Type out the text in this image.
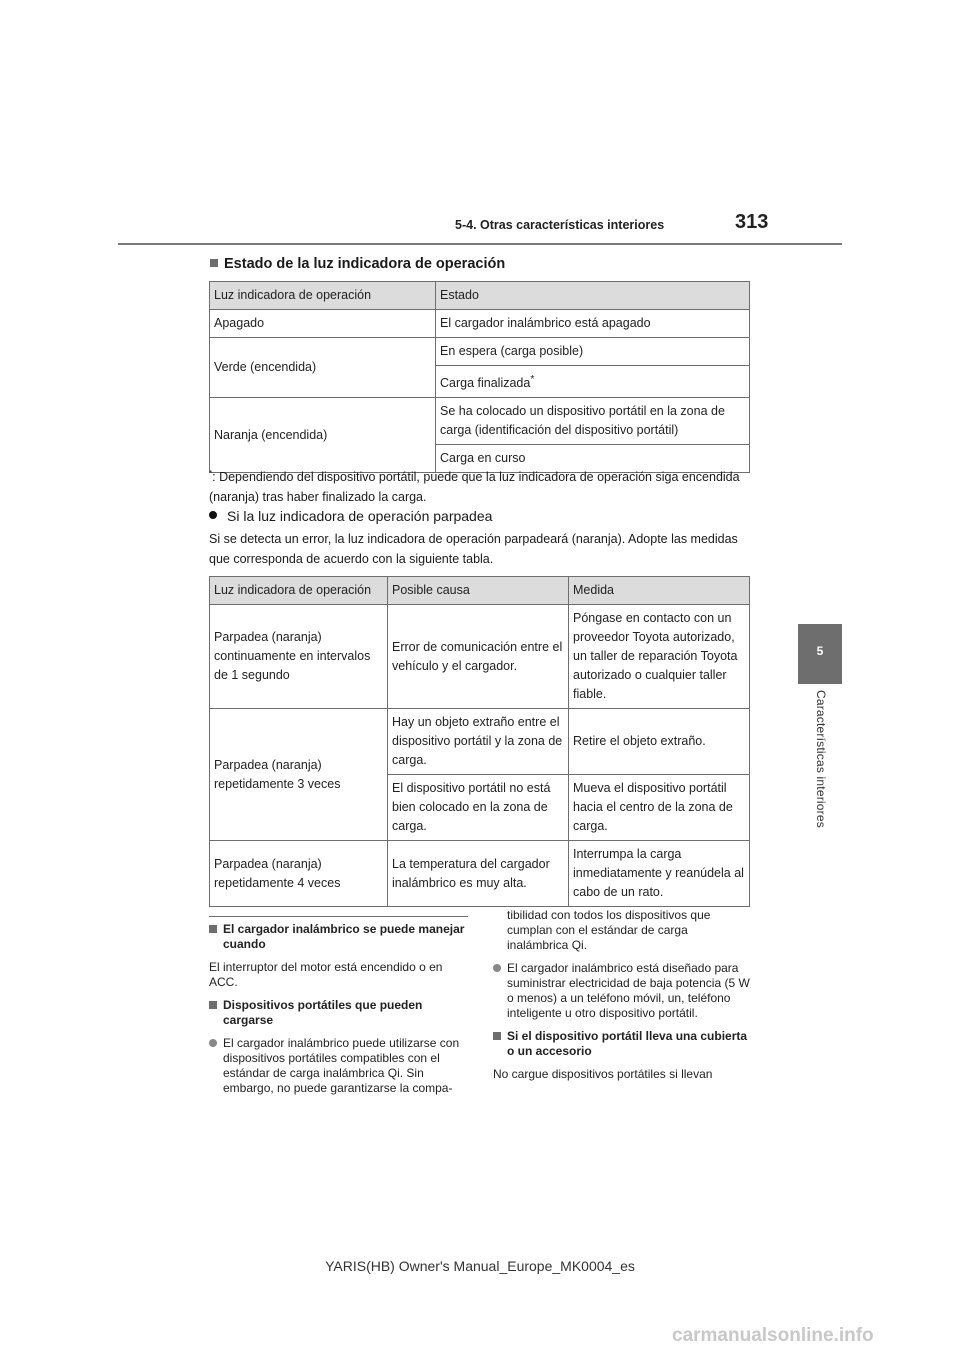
5-4. Otras características interiores	313
5
Características interiores
Estado de la luz indicadora de operación
Luz indicadora de operación	Estado
Apagado	El cargador inalámbrico está apagado
Verde (encendida)	En espera (carga posible)
	Carga finalizada*
Naranja (encendida)	Se ha colocado un dispositivo portátil en la zona de carga (identificación del dispositivo portátil)
	Carga en curso
*: Dependiendo del dispositivo portátil, puede que la luz indicadora de operación siga encendida (naranja) tras haber finalizado la carga.
Si la luz indicadora de operación parpadea
Si se detecta un error, la luz indicadora de operación parpadeará (naranja). Adopte las medidas que corresponda de acuerdo con la siguiente tabla.
Luz indicadora de operación	Posible causa	Medida
Parpadea (naranja) continuamente en intervalos de 1 segundo	Error de comunicación entre el vehículo y el cargador.	Póngase en contacto con un proveedor Toyota autorizado, un taller de reparación Toyota autorizado o cualquier taller fiable.
Parpadea (naranja) repetidamente 3 veces	Hay un objeto extraño entre el dispositivo portátil y la zona de carga.	Retire el objeto extraño.
	El dispositivo portátil no está bien colocado en la zona de carga.	Mueva el dispositivo portátil hacia el centro de la zona de carga.
Parpadea (naranja) repetidamente 4 veces	La temperatura del cargador inalámbrico es muy alta.	Interrumpa la carga inmediatamente y reanúdela al cabo de un rato.

El cargador inalámbrico se puede manejar cuando

El interruptor del motor está encendido o en ACC.

Dispositivos portátiles que pueden cargarse

El cargador inalámbrico puede utilizarse con dispositivos portátiles compatibles con el estándar de carga inalámbrica Qi. Sin embargo, no puede garantizarse la compa-

tibilidad con todos los dispositivos que cumplan con el estándar de carga inalámbrica Qi.

El cargador inalámbrico está diseñado para suministrar electricidad de baja potencia (5 W o menos) a un teléfono móvil, un, teléfono inteligente u otro dispositivo portátil.

Si el dispositivo portátil lleva una cubierta o un accesorio

No cargue dispositivos portátiles si llevan

YARIS(HB) Owner's Manual_Europe_MK0004_es
carmanualsonline.info
